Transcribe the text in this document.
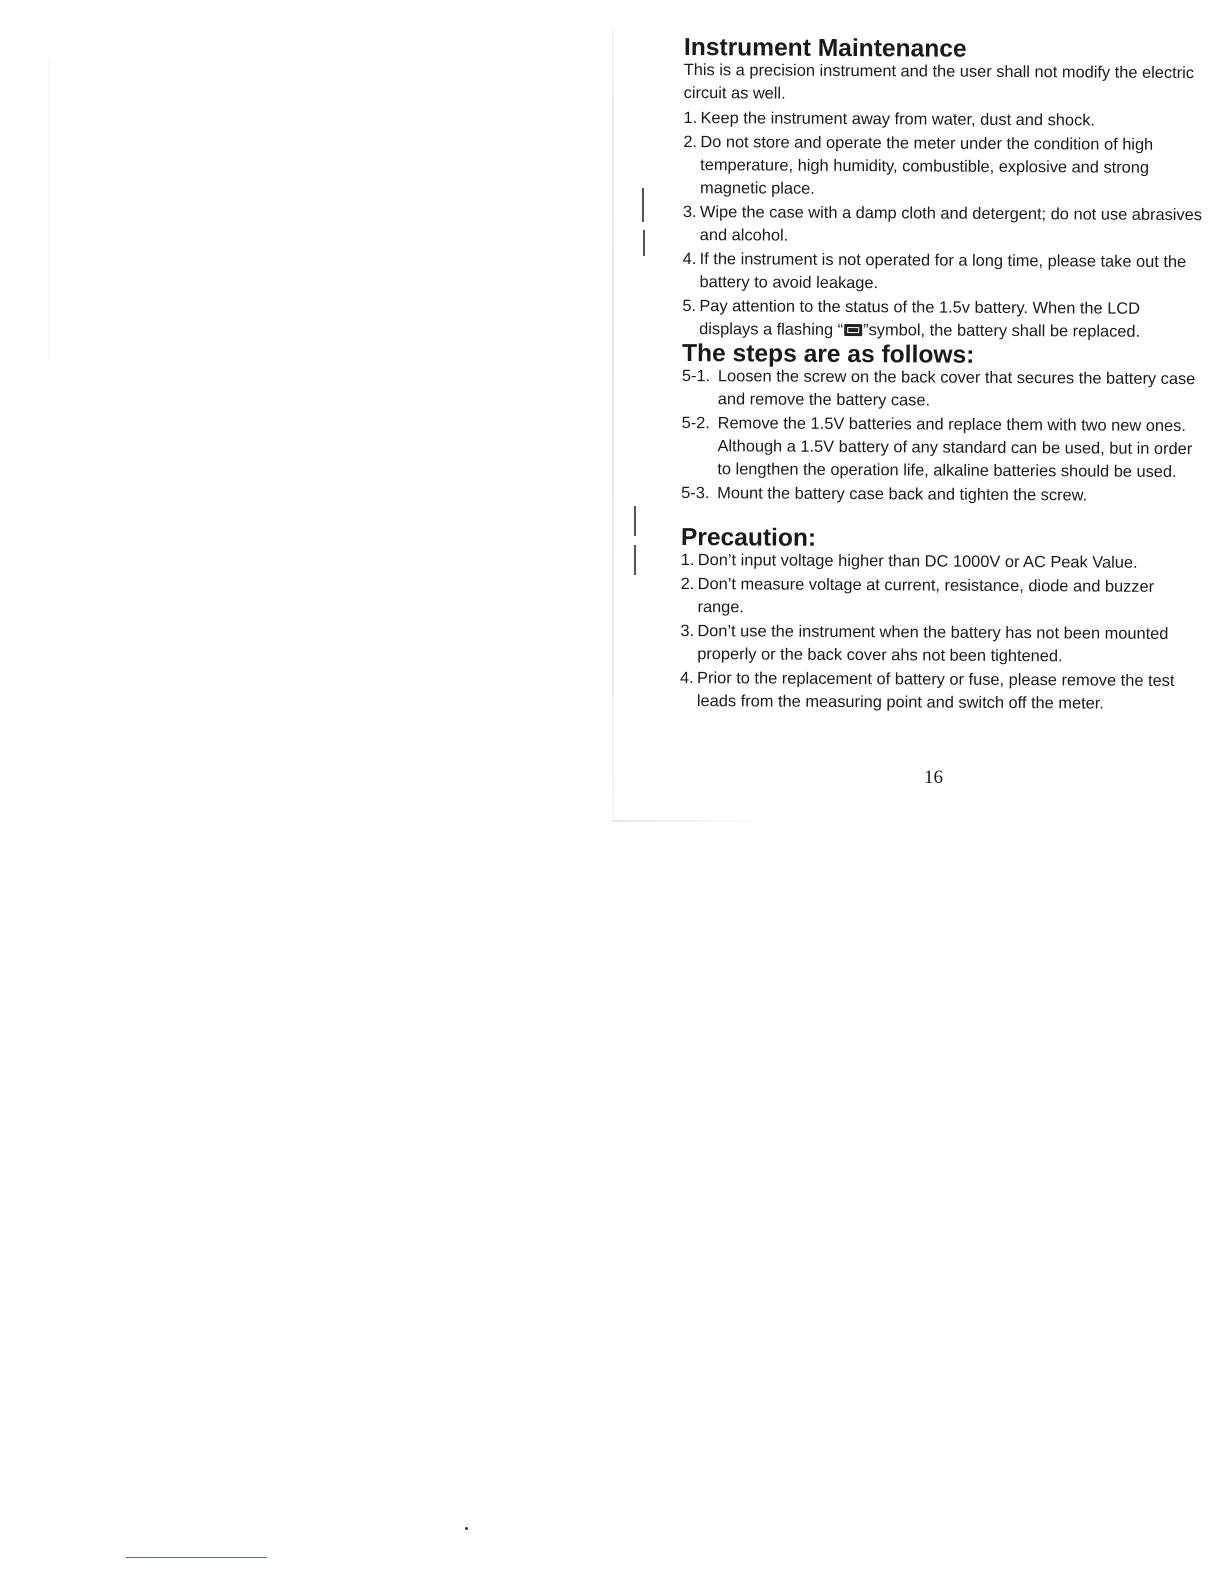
Instrument Maintenance

This is a precision instrument and the user shall not modify the electric circuit as well.

1. Keep the instrument away from water, dust and shock.
2. Do not store and operate the meter under the condition of high temperature, high humidity, combustible, explosive and strong magnetic place.
3. Wipe the case with a damp cloth and detergent; do not use abrasives and alcohol.
4. If the instrument is not operated for a long time, please take out the battery to avoid leakage.
5. Pay attention to the status of the 1.5v battery. When the LCD displays a flashing “ ”symbol, the battery shall be replaced.
The steps are as follows:
5-1. Loosen the screw on the back cover that secures the battery case and remove the battery case.
5-2. Remove the 1.5V batteries and replace them with two new ones. Although a 1.5V battery of any standard can be used, but in order to lengthen the operation life, alkaline batteries should be used.
5-3. Mount the battery case back and tighten the screw.
Precaution:
1. Don’t input voltage higher than DC 1000V or AC Peak Value.
2. Don’t measure voltage at current, resistance, diode and buzzer range.
3. Don’t use the instrument when the battery has not been mounted properly or the back cover ahs not been tightened.
4. Prior to the replacement of battery or fuse, please remove the test leads from the measuring point and switch off the meter.
16
